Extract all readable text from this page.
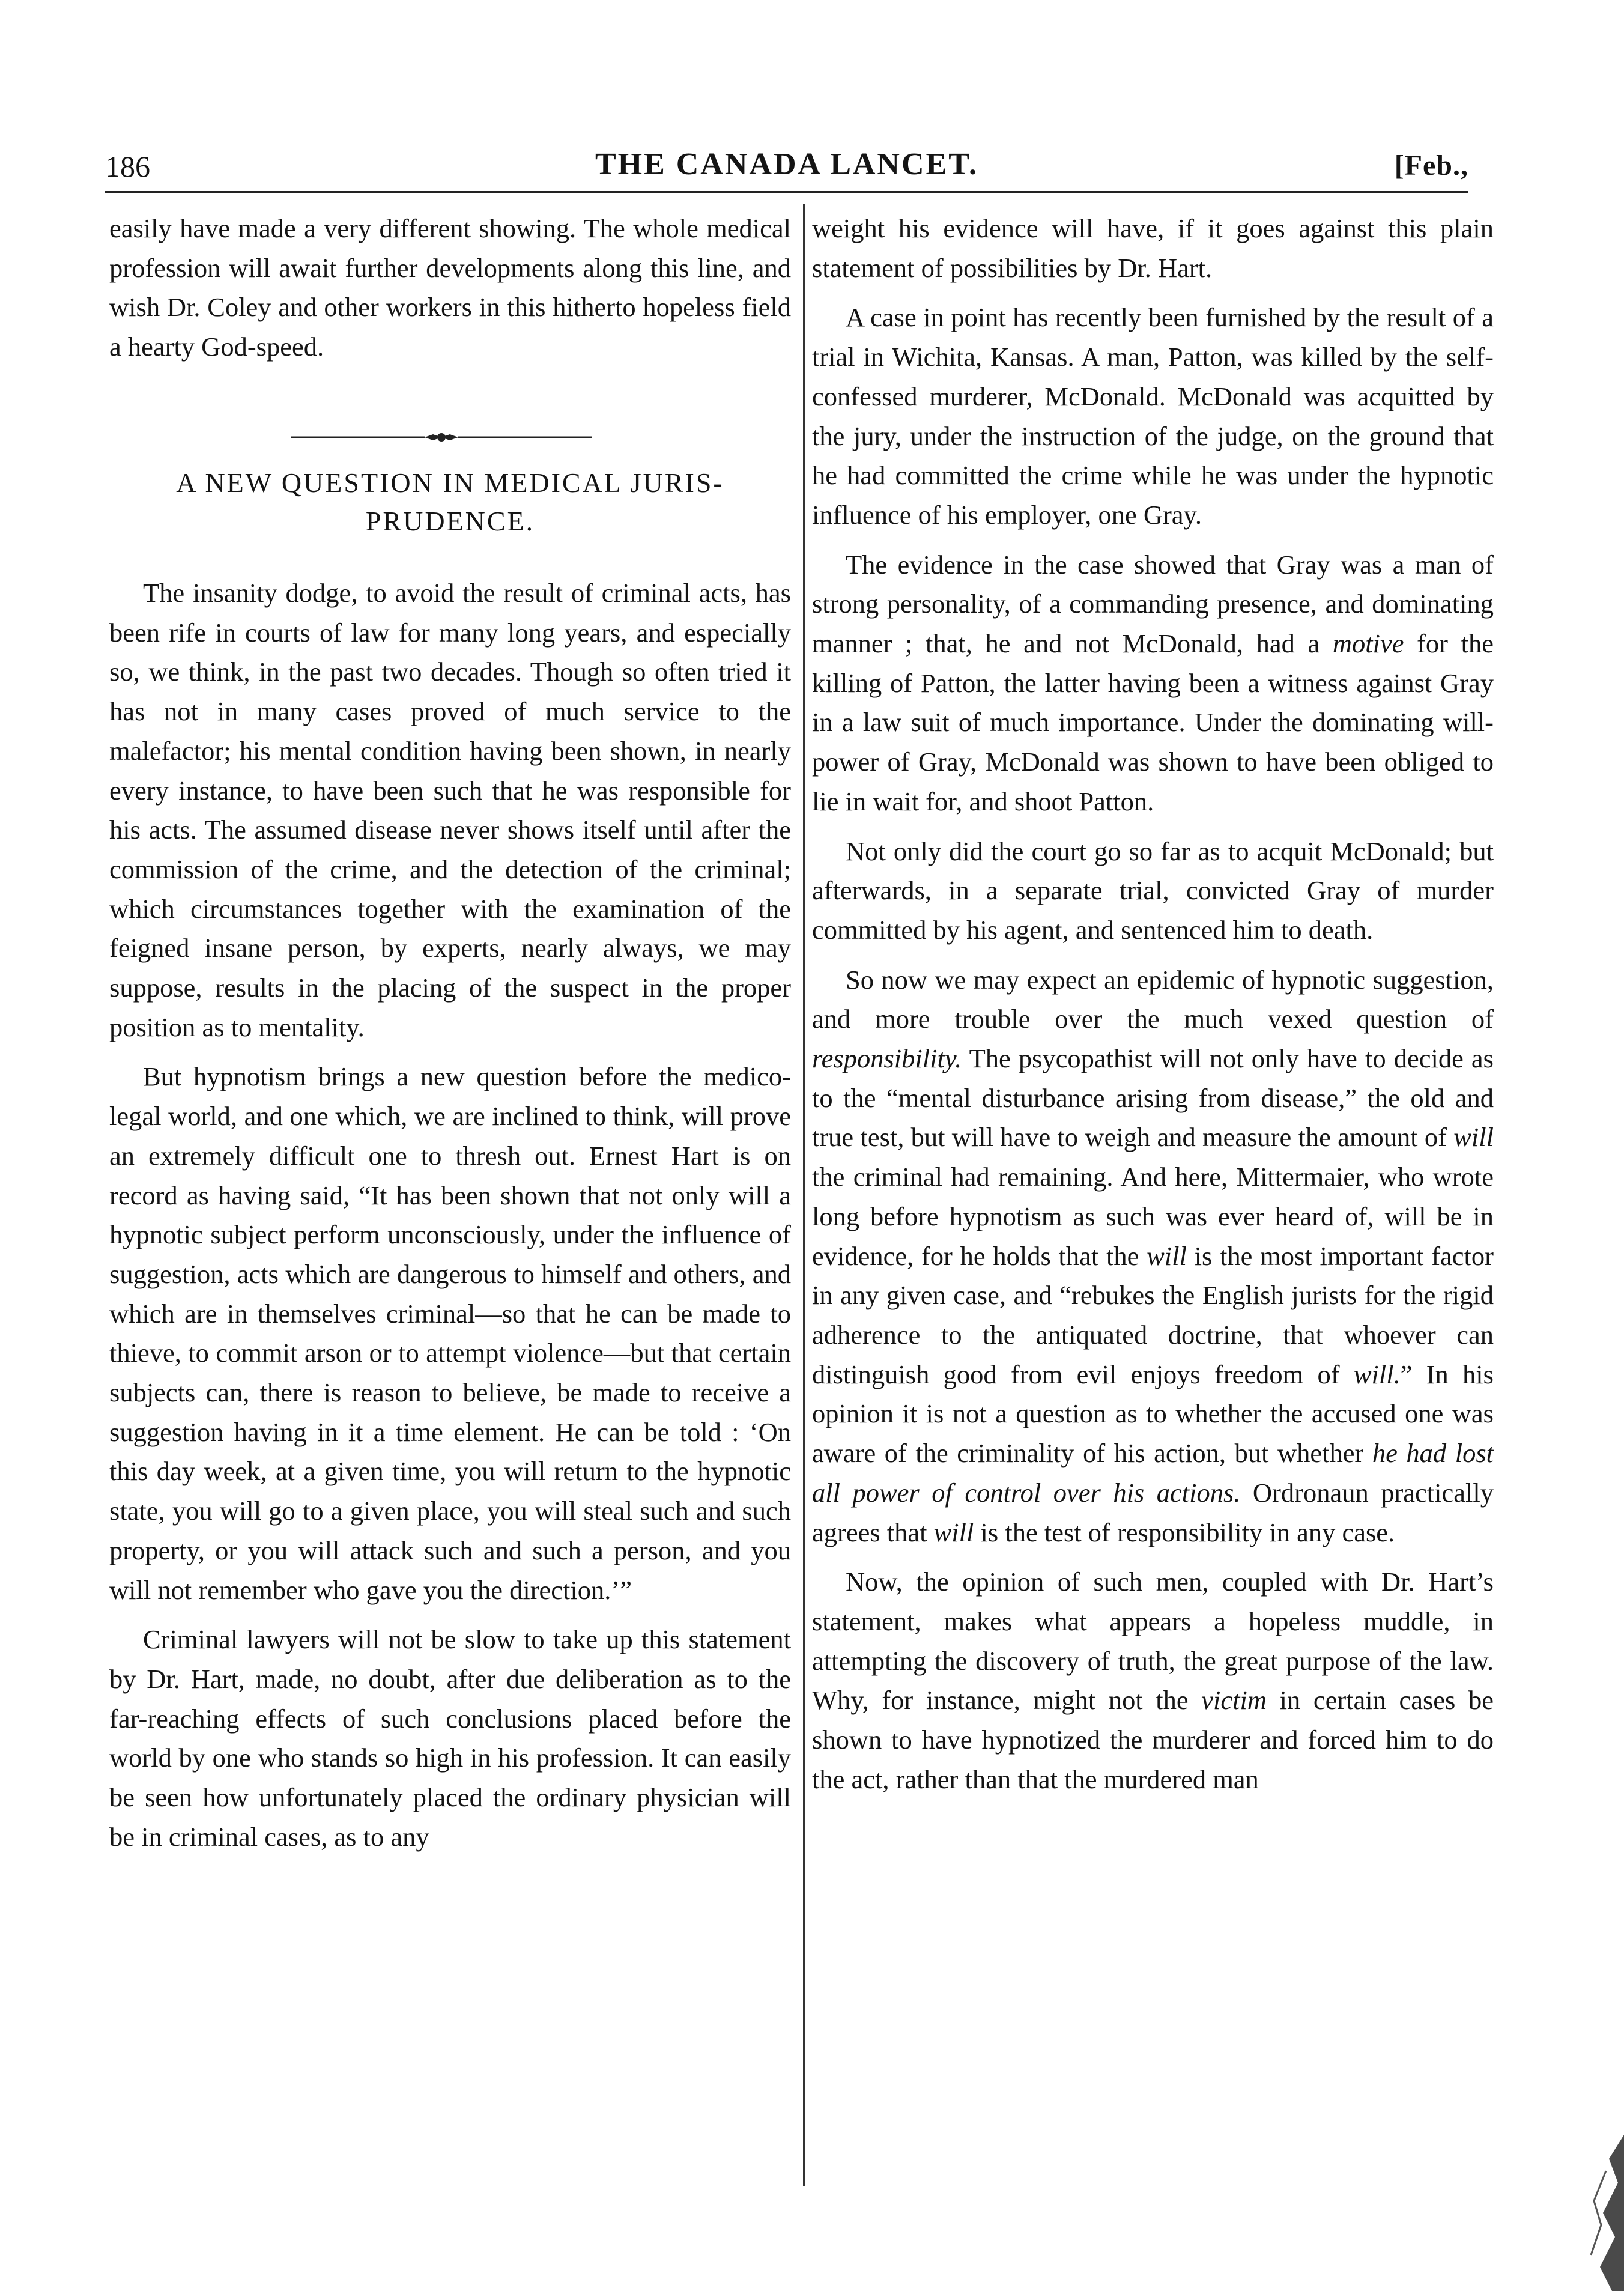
186	THE CANADA LANCET.	[Feb.,

easily have made a very different showing. The whole medical profession will await further developments along this line, and wish Dr. Coley and other workers in this hitherto hopeless field a hearty God-speed.

A NEW QUESTION IN MEDICAL JURIS-
PRUDENCE.

The insanity dodge, to avoid the result of criminal acts, has been rife in courts of law for many long years, and especially so, we think, in the past two decades. Though so often tried it has not in many cases proved of much service to the malefactor; his mental condition having been shown, in nearly every instance, to have been such that he was responsible for his acts. The assumed disease never shows itself until after the commission of the crime, and the detection of the criminal; which circumstances together with the examination of the feigned insane person, by experts, nearly always, we may suppose, results in the placing of the suspect in the proper position as to mentality.

But hypnotism brings a new question before the medico-legal world, and one which, we are inclined to think, will prove an extremely difficult one to thresh out. Ernest Hart is on record as having said, “It has been shown that not only will a hypnotic subject perform unconsciously, under the influence of suggestion, acts which are dangerous to himself and others, and which are in themselves criminal—so that he can be made to thieve, to commit arson or to attempt violence—but that certain subjects can, there is reason to believe, be made to receive a suggestion having in it a time element. He can be told : ‘On this day week, at a given time, you will return to the hypnotic state, you will go to a given place, you will steal such and such property, or you will attack such and such a person, and you will not remember who gave you the direction.’”

Criminal lawyers will not be slow to take up this statement by Dr. Hart, made, no doubt, after due deliberation as to the far-reaching effects of such conclusions placed before the world by one who stands so high in his profession. It can easily be seen how unfortunately placed the ordinary physician will be in criminal cases, as to any

weight his evidence will have, if it goes against this plain statement of possibilities by Dr. Hart.

A case in point has recently been furnished by the result of a trial in Wichita, Kansas. A man, Patton, was killed by the self-confessed murderer, McDonald. McDonald was acquitted by the jury, under the instruction of the judge, on the ground that he had committed the crime while he was under the hypnotic influence of his employer, one Gray.

The evidence in the case showed that Gray was a man of strong personality, of a commanding presence, and dominating manner ; that, he and not McDonald, had a motive for the killing of Patton, the latter having been a witness against Gray in a law suit of much importance. Under the dominating will-power of Gray, McDonald was shown to have been obliged to lie in wait for, and shoot Patton.

Not only did the court go so far as to acquit McDonald; but afterwards, in a separate trial, convicted Gray of murder committed by his agent, and sentenced him to death.

So now we may expect an epidemic of hypnotic suggestion, and more trouble over the much vexed question of responsibility. The psycopathist will not only have to decide as to the “mental disturbance arising from disease,” the old and true test, but will have to weigh and measure the amount of will the criminal had remaining. And here, Mittermaier, who wrote long before hypnotism as such was ever heard of, will be in evidence, for he holds that the will is the most important factor in any given case, and “rebukes the English jurists for the rigid adherence to the antiquated doctrine, that whoever can distinguish good from evil enjoys freedom of will.” In his opinion it is not a question as to whether the accused one was aware of the criminality of his action, but whether he had lost all power of control over his actions. Ordronaun practically agrees that will is the test of responsibility in any case.

Now, the opinion of such men, coupled with Dr. Hart’s statement, makes what appears a hopeless muddle, in attempting the discovery of truth, the great purpose of the law. Why, for instance, might not the victim in certain cases be shown to have hypnotized the murderer and forced him to do the act, rather than that the murdered man
